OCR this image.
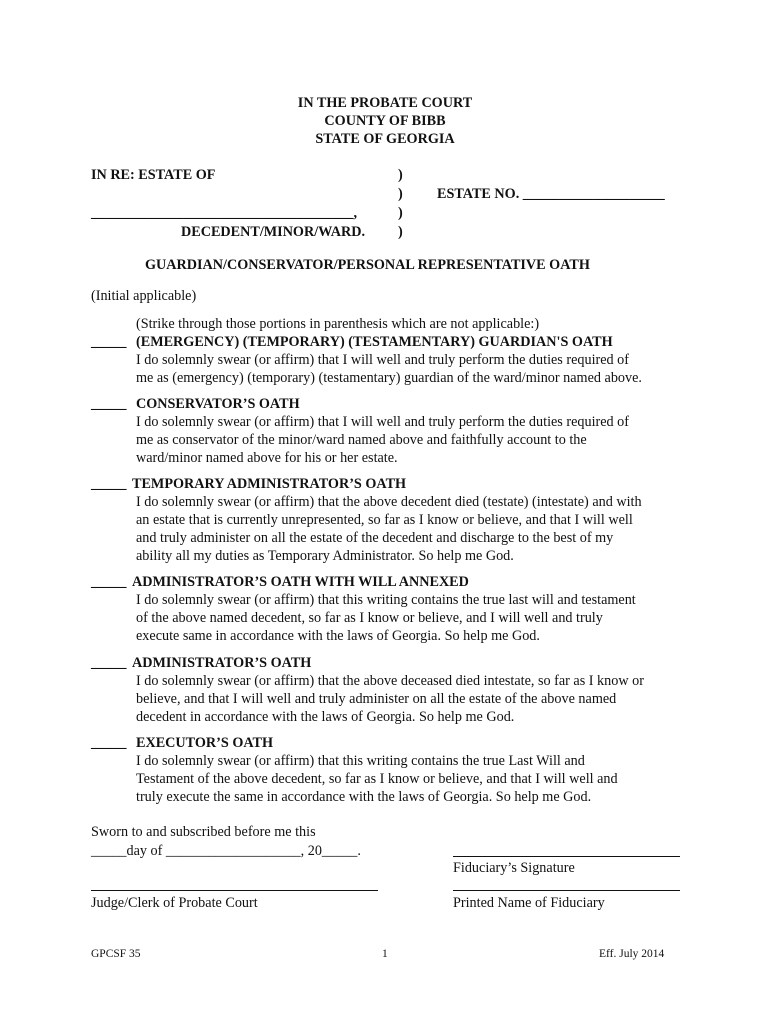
IN THE PROBATE COURT
COUNTY OF BIBB
STATE OF GEORGIA
IN RE: ESTATE OF	)
) ESTATE NO. ____________________
_____________________________________,	)
DECEDENT/MINOR/WARD. )
GUARDIAN/CONSERVATOR/PERSONAL REPRESENTATIVE OATH
(Initial applicable)
(Strike through those portions in parenthesis which are not applicable:)
_____ (EMERGENCY) (TEMPORARY) (TESTAMENTARY) GUARDIAN'S OATH
I do solemnly swear (or affirm) that I will well and truly perform the duties required of
me as (emergency) (temporary) (testamentary) guardian of the ward/minor named above.
_____ CONSERVATOR’S OATH
I do solemnly swear (or affirm) that I will well and truly perform the duties required of
me as conservator of the minor/ward named above and faithfully account to the
ward/minor named above for his or her estate.
_____ TEMPORARY ADMINISTRATOR’S OATH
I do solemnly swear (or affirm) that the above decedent died (testate) (intestate) and with
an estate that is currently unrepresented, so far as I know or believe, and that I will well
and truly administer on all the estate of the decedent and discharge to the best of my
ability all my duties as Temporary Administrator. So help me God.
_____ ADMINISTRATOR’S OATH WITH WILL ANNEXED
I do solemnly swear (or affirm) that this writing contains the true last will and testament
of the above named decedent, so far as I know or believe, and I will well and truly
execute same in accordance with the laws of Georgia. So help me God.
_____ ADMINISTRATOR’S OATH
I do solemnly swear (or affirm) that the above deceased died intestate, so far as I know or
believe, and that I will well and truly administer on all the estate of the above named
decedent in accordance with the laws of Georgia. So help me God.
_____ EXECUTOR’S OATH
I do solemnly swear (or affirm) that this writing contains the true Last Will and
Testament of the above decedent, so far as I know or believe, and that I will well and
truly execute the same in accordance with the laws of Georgia. So help me God.
Sworn to and subscribed before me this
_____day of ___________________, 20_____.
Fiduciary’s Signature
Judge/Clerk of Probate Court	Printed Name of Fiduciary
GPCSF 35	1	Eff. July 2014
